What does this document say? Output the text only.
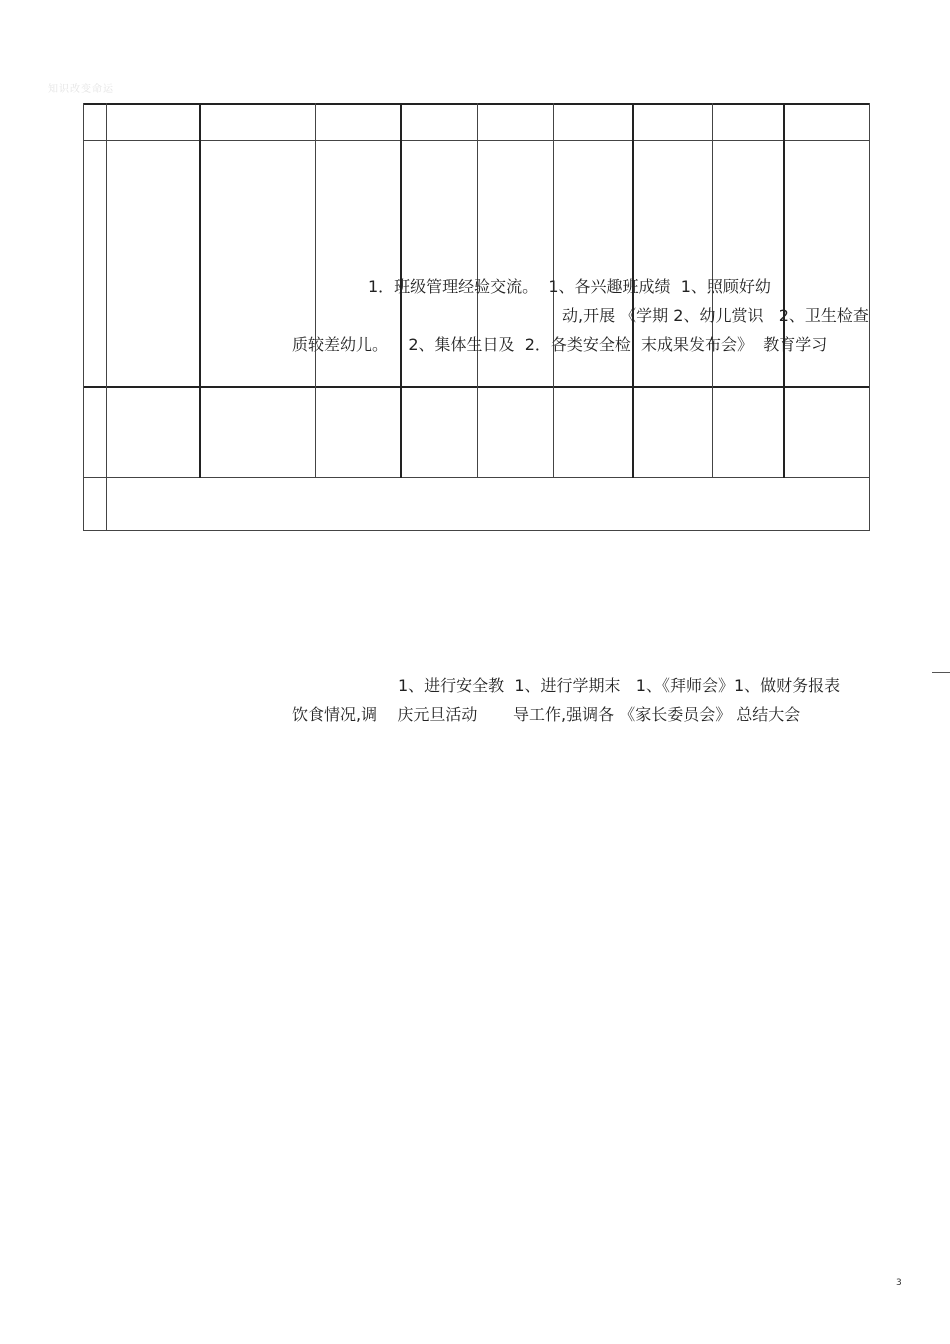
知识改变命运
1．班级管理经验交流。  1、各兴趣班成绩  1、照顾好幼
动,开展 《学期 2、幼儿赏识   2、卫生检查
质较差幼儿。    2、集体生日及  2．各类安全检  末成果发布会》  教育学习
1、进行安全教  1、进行学期末   1、《拜师会》1、做财务报表
饮食情况,调    庆元旦活动       导工作,强调各 《家长委员会》 总结大会
3
